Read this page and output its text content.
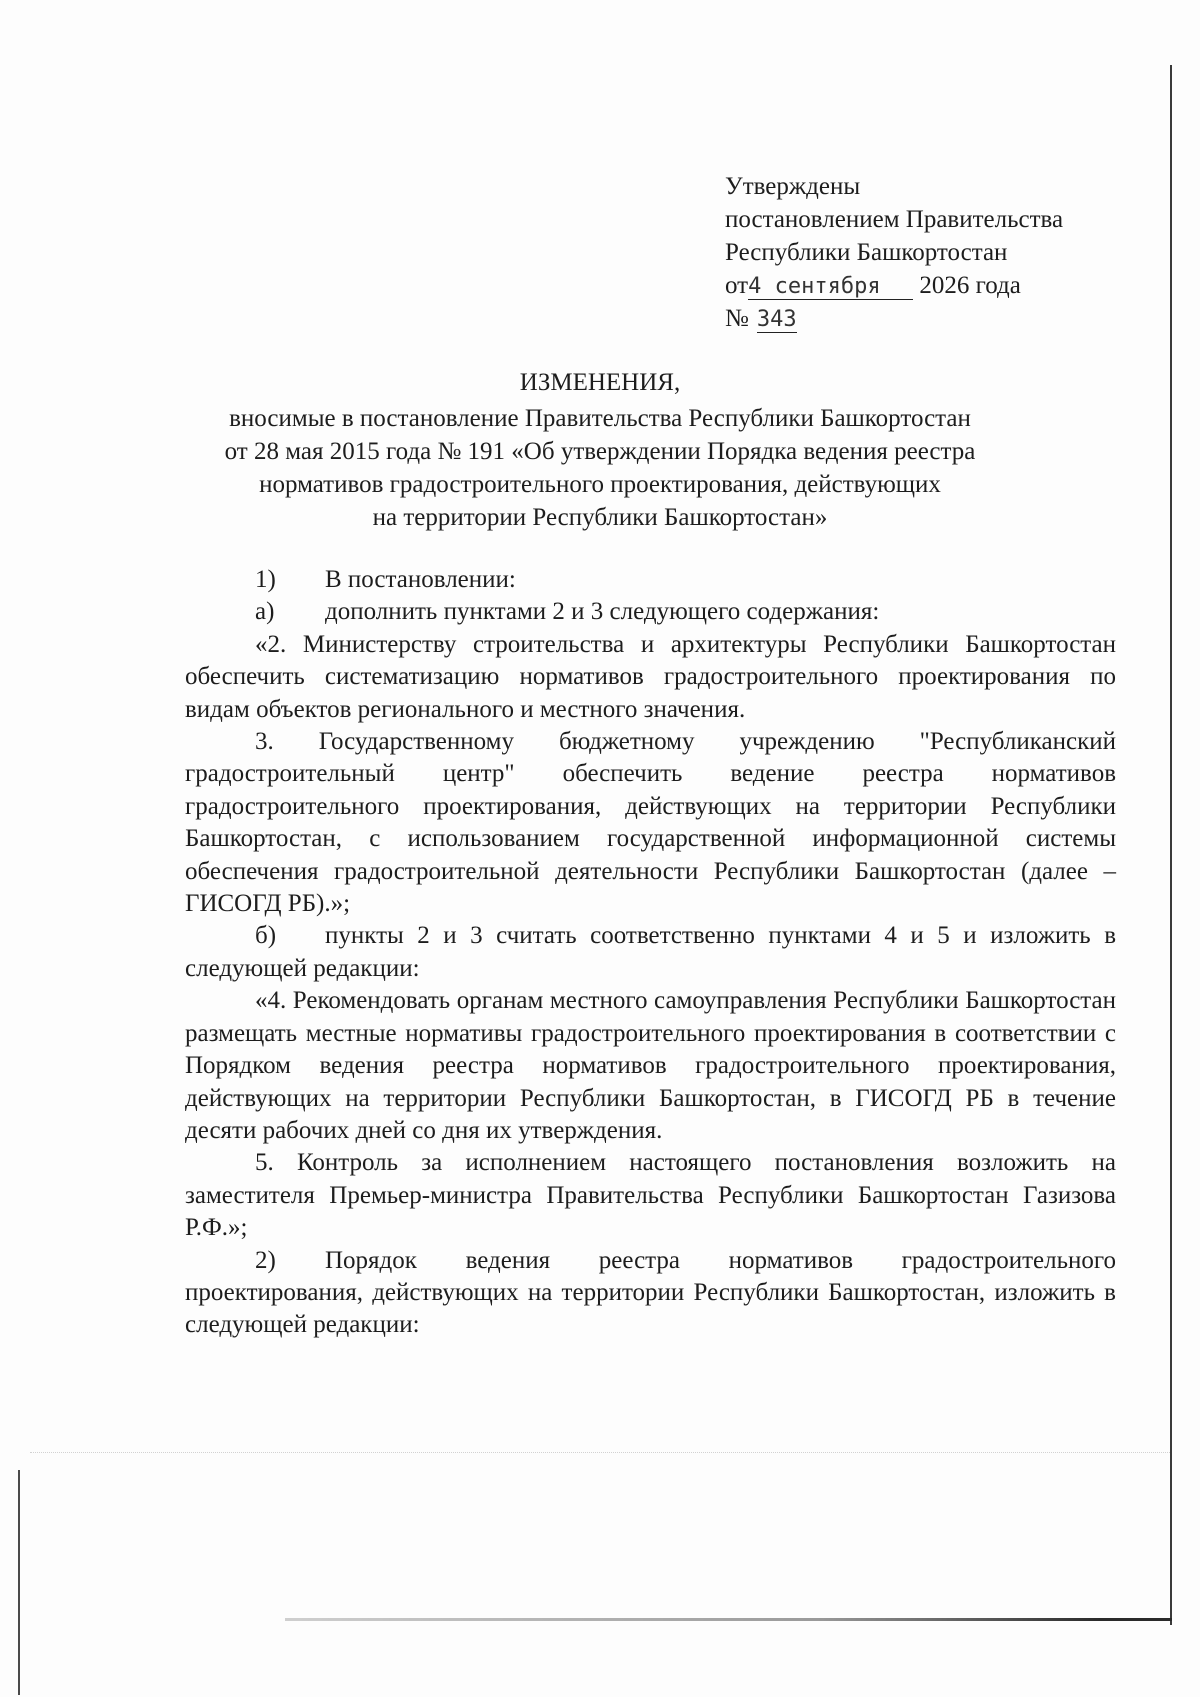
Утверждены
постановлением Правительства
Республики Башкортостан
от4 сентября 2026 года
№ 343
ИЗМЕНЕНИЯ,
вносимые в постановление Правительства Республики Башкортостан
от 28 мая 2015 года № 191 «Об утверждении Порядка ведения реестра
нормативов градостроительного проектирования, действующих
на территории Республики Башкортостан»

1) В постановлении:

а) дополнить пунктами 2 и 3 следующего содержания:

«2. Министерству строительства и архитектуры Республики Башкортостан обеспечить систематизацию нормативов градостроительного проектирования по видам объектов регионального и местного значения.

3. Государственному бюджетному учреждению "Республиканский градостроительный центр" обеспечить ведение реестра нормативов градостроительного проектирования, действующих на территории Республики Башкортостан, с использованием государственной информационной системы обеспечения градостроительной деятельности Республики Башкортостан (далее – ГИСОГД РБ).»;

б) пункты 2 и 3 считать соответственно пунктами 4 и 5 и изложить в следующей редакции:

«4. Рекомендовать органам местного самоуправления Республики Башкортостан размещать местные нормативы градостроительного проектирования в соответствии с Порядком ведения реестра нормативов градостроительного проектирования, действующих на территории Республики Башкортостан, в ГИСОГД РБ в течение десяти рабочих дней со дня их утверждения.

5. Контроль за исполнением настоящего постановления возложить на заместителя Премьер-министра Правительства Республики Башкортостан Газизова Р.Ф.»;

2) Порядок ведения реестра нормативов градостроительного проектирования, действующих на территории Республики Башкортостан, изложить в следующей редакции:
